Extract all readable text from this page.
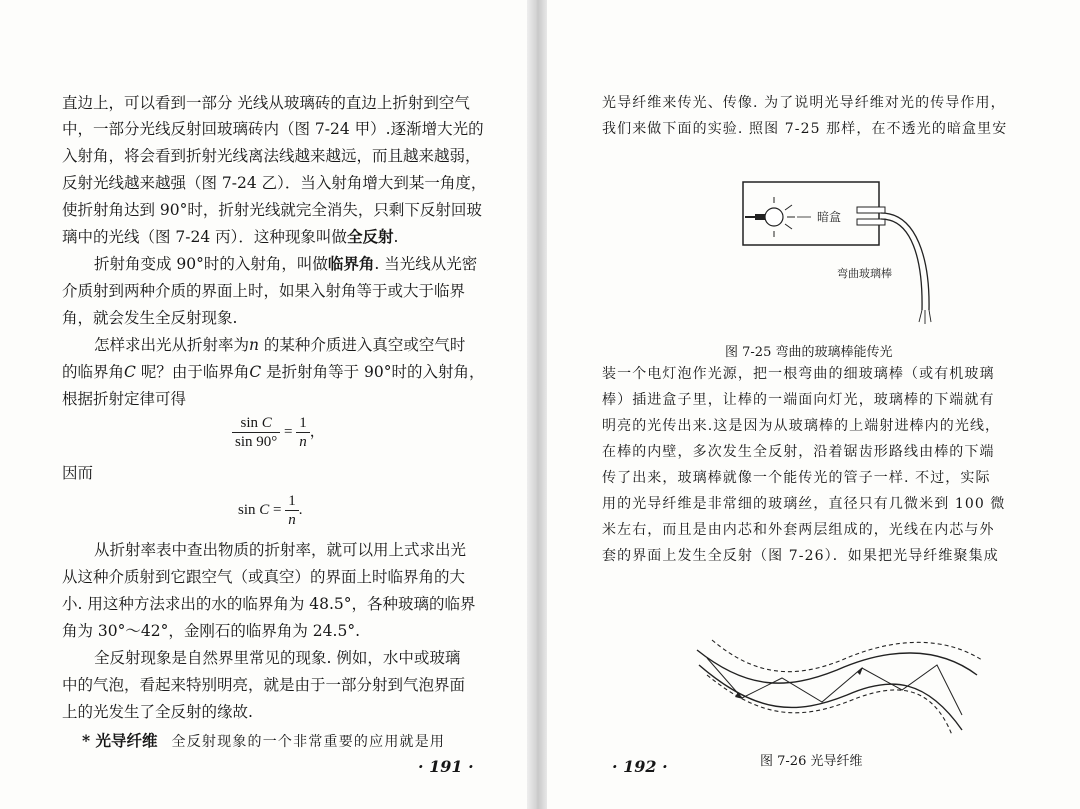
直边上，可以看到一部分 光线从玻璃砖的直边上折射到空气
中，一部分光线反射回玻璃砖内（图 7-24 甲）.逐渐增大光的
入射角，将会看到折射光线离法线越来越远，而且越来越弱，
反射光线越来越强（图 7-24 乙）．当入射角增大到某一角度，
使折射角达到 90°时，折射光线就完全消失，只剩下反射回玻
璃中的光线（图 7-24 丙）．这种现象叫做全反射.
折射角变成 90°时的入射角，叫做临界角. 当光线从光密
介质射到两种介质的界面上时，如果入射角等于或大于临界
角，就会发生全反射现象.
怎样求出光从折射率为n 的某种介质进入真空或空气时
的临界角C 呢？由于临界角C 是折射角等于 90°时的入射角，
根据折射定律可得
$\frac{\text{sin C}}{\sin 90^\circ} = \frac{1}{n}$ ，
因而
$\sin C = \frac{1}{n}$ .
从折射率表中查出物质的折射率，就可以用上式求出光
从这种介质射到它跟空气（或真空）的界面上时临界角的大
小. 用这种方法求出的水的临界角为 48.5°，各种玻璃的临界
角为 30°～42°，金刚石的临界角为 24.5°.
全反射现象是自然界里常见的现象. 例如，水中或玻璃
中的气泡，看起来特别明亮，就是由于一部分射到气泡界面
上的光发生了全反射的缘故.
* 光导纤维 全反射现象的一个非常重要的应用就是用
· 191 ·
光导纤维来传光、传像. 为了说明光导纤维对光的传导作用，
我们来做下面的实验. 照图 7-25 那样，在不透光的暗盒里安
暗盒
弯曲玻璃棒
图 7-25 弯曲的玻璃棒能传光
装一个电灯泡作光源，把一根弯曲的细玻璃棒（或有机玻璃
棒）插进盒子里，让棒的一端面向灯光，玻璃棒的下端就有
明亮的光传出来.这是因为从玻璃棒的上端射进棒内的光线，
在棒的内壁，多次发生全反射，沿着锯齿形路线由棒的下端
传了出来，玻璃棒就像一个能传光的管子一样. 不过，实际
用的光导纤维是非常细的玻璃丝，直径只有几微米到 100 微
米左右，而且是由内芯和外套两层组成的，光线在内芯与外
套的界面上发生全反射（图 7-26）．如果把光导纤维聚集成
图 7-26 光导纤维
· 192 ·
